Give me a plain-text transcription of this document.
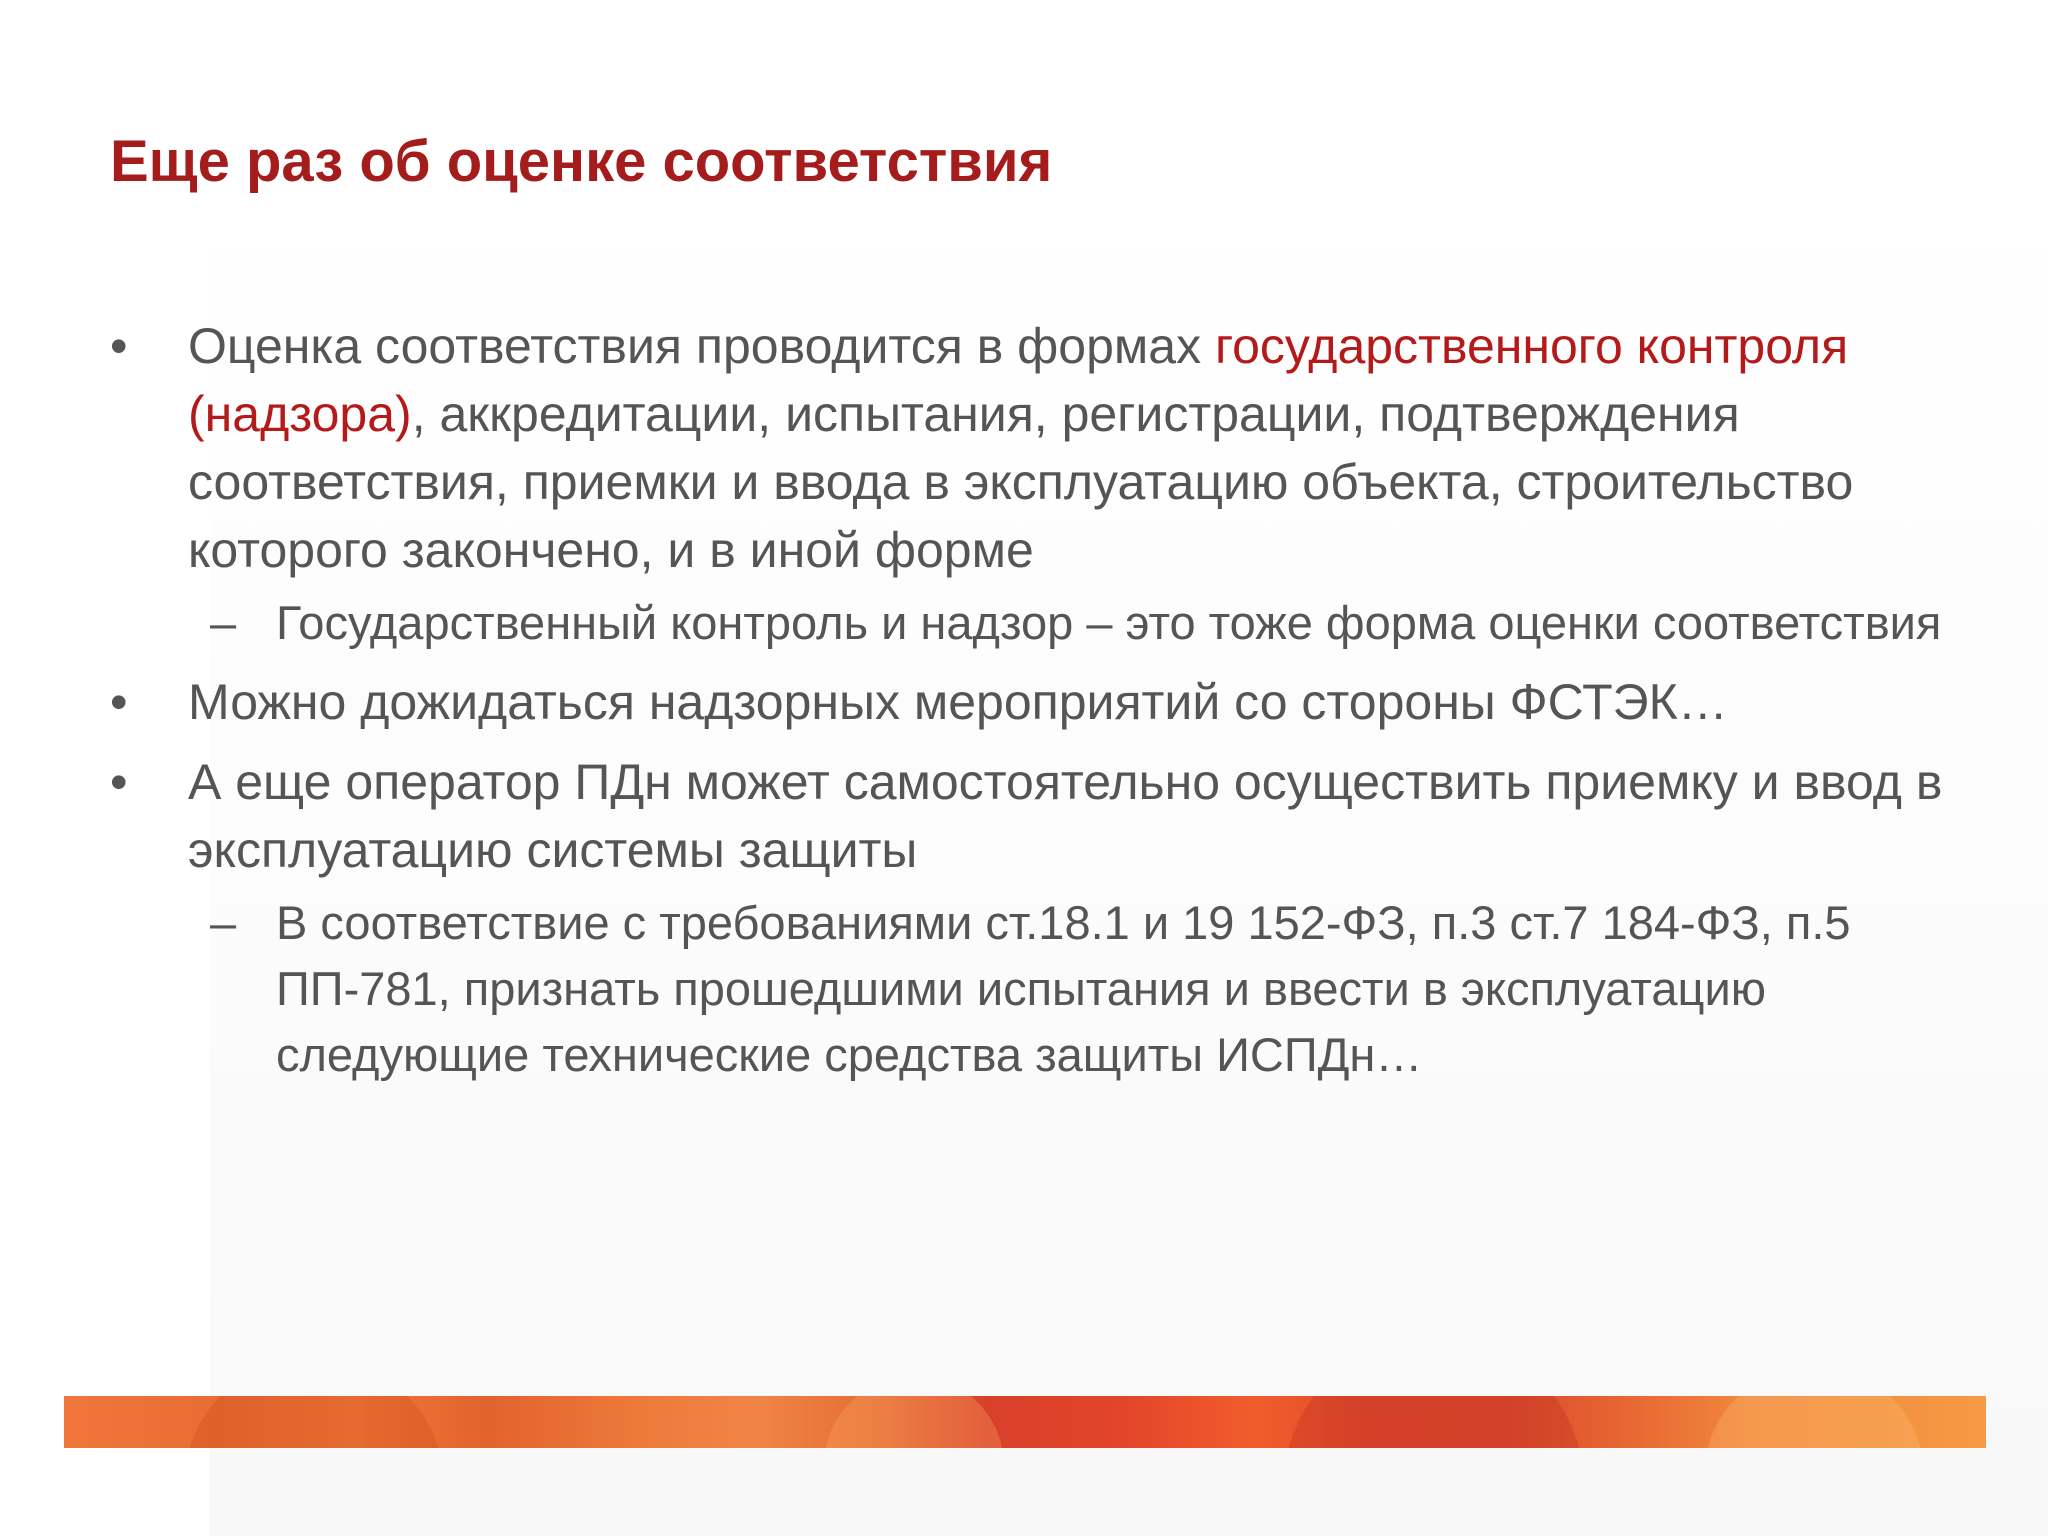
Еще раз об оценке соответствия
• Оценка соответствия проводится в формах государственного контроля (надзора), аккредитации, испытания, регистрации, подтверждения соответствия, приемки и ввода в эксплуатацию объекта, строительство которого закончено, и в иной форме
– Государственный контроль и надзор – это тоже форма оценки соответствия
• Можно дожидаться надзорных мероприятий со стороны ФСТЭК…
• А еще оператор ПДн может самостоятельно осуществить приемку и ввод в эксплуатацию системы защиты
– В соответствие с требованиями ст.18.1 и 19 152-ФЗ, п.3 ст.7 184-ФЗ, п.5 ПП-781, признать прошедшими испытания и ввести в эксплуатацию следующие технические средства защиты ИСПДн…
